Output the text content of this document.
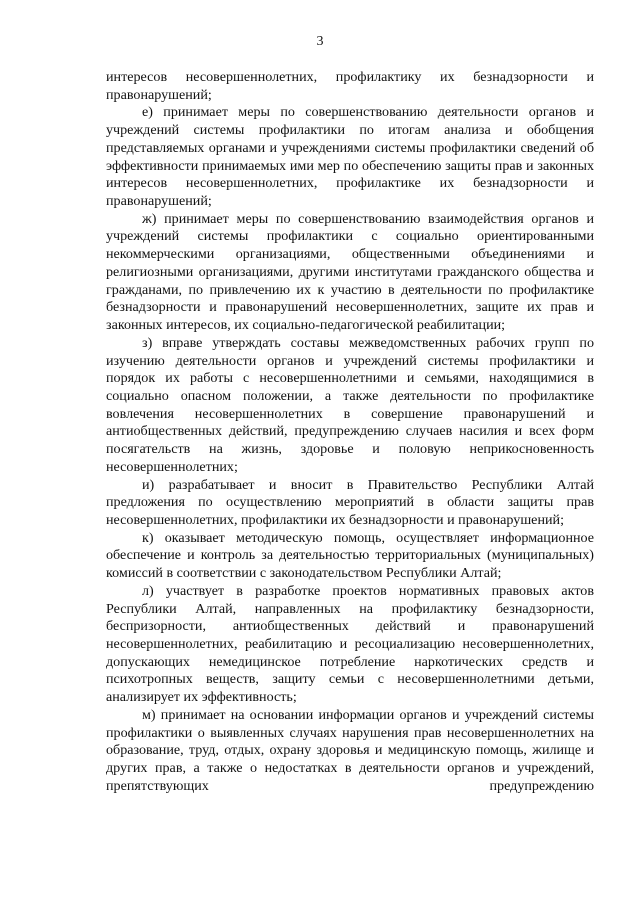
3

интересов несовершеннолетних, профилактику их безнадзорности и правонарушений;

е) принимает меры по совершенствованию деятельности органов и учреждений системы профилактики по итогам анализа и обобщения представляемых органами и учреждениями системы профилактики сведений об эффективности принимаемых ими мер по обеспечению защиты прав и законных интересов несовершеннолетних, профилактике их безнадзорности и правонарушений;

ж) принимает меры по совершенствованию взаимодействия органов и учреждений системы профилактики с социально ориентированными некоммерческими организациями, общественными объединениями и религиозными организациями, другими институтами гражданского общества и гражданами, по привлечению их к участию в деятельности по профилактике безнадзорности и правонарушений несовершеннолетних, защите их прав и законных интересов, их социально-педагогической реабилитации;

з) вправе утверждать составы межведомственных рабочих групп по изучению деятельности органов и учреждений системы профилактики и порядок их работы с несовершеннолетними и семьями, находящимися в социально опасном положении, а также деятельности по профилактике вовлечения несовершеннолетних в совершение правонарушений и антиобщественных действий, предупреждению случаев насилия и всех форм посягательств на жизнь, здоровье и половую неприкосновенность несовершеннолетних;

и) разрабатывает и вносит в Правительство Республики Алтай предложения по осуществлению мероприятий в области защиты прав несовершеннолетних, профилактики их безнадзорности и правонарушений;

к) оказывает методическую помощь, осуществляет информационное обеспечение и контроль за деятельностью территориальных (муниципальных) комиссий в соответствии с законодательством Республики Алтай;

л) участвует в разработке проектов нормативных правовых актов Республики Алтай, направленных на профилактику безнадзорности, беспризорности, антиобщественных действий и правонарушений несовершеннолетних, реабилитацию и ресоциализацию несовершеннолетних, допускающих немедицинское потребление наркотических средств и психотропных веществ, защиту семьи с несовершеннолетними детьми, анализирует их эффективность;

м) принимает на основании информации органов и учреждений системы профилактики о выявленных случаях нарушения прав несовершеннолетних на образование, труд, отдых, охрану здоровья и медицинскую помощь, жилище и других прав, а также о недостатках в деятельности органов и учреждений, препятствующих предупреждению
